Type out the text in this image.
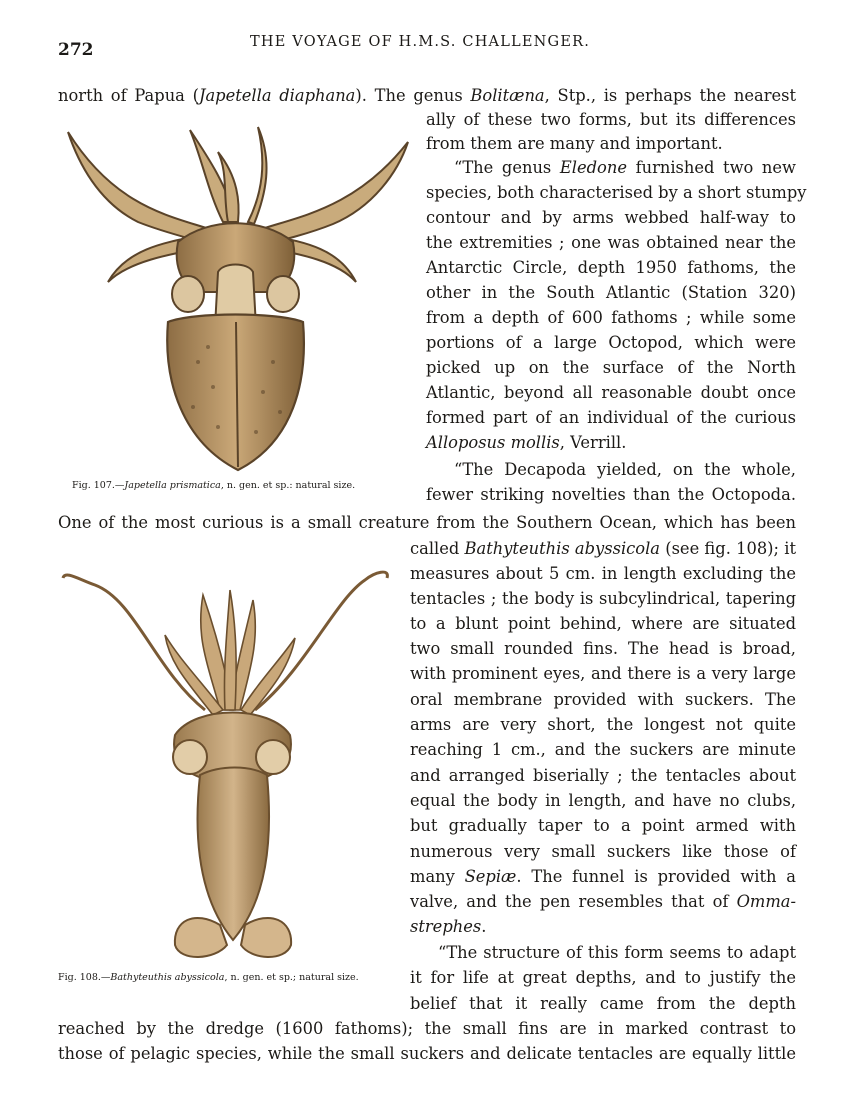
272	THE VOYAGE OF H.M.S. CHALLENGER.
Fig. 107.—Japetella prismatica, n. gen. et sp.: natural size.
Fig. 108.—Bathyteuthis abyssicola, n. gen. et sp.; natural size.
north of Papua (Japetella diaphana). The genus Bolitæna, Stp., is perhaps the nearest
ally of these two forms, but its differences
from them are many and important.
“The genus Eledone furnished two new
species, both characterised by a short stumpy
contour and by arms webbed half-way to
the extremities ; one was obtained near the
Antarctic Circle, depth 1950 fathoms, the
other in the South Atlantic (Station 320)
from a depth of 600 fathoms ; while some
portions of a large Octopod, which were
picked up on the surface of the North
Atlantic, beyond all reasonable doubt once
formed part of an individual of the curious
Alloposus mollis, Verrill.
“The Decapoda yielded, on the whole,
fewer striking novelties than the Octopoda.
One of the most curious is a small creature from the Southern Ocean, which has been
called Bathyteuthis abyssicola (see fig. 108); it
measures about 5 cm. in length excluding the
tentacles ; the body is subcylindrical, tapering
to a blunt point behind, where are situated
two small rounded fins. The head is broad,
with prominent eyes, and there is a very large
oral membrane provided with suckers. The
arms are very short, the longest not quite
reaching 1 cm., and the suckers are minute
and arranged biserially ; the tentacles about
equal the body in length, and have no clubs,
but gradually taper to a point armed with
numerous very small suckers like those of
many Sepiæ. The funnel is provided with a
valve, and the pen resembles that of Omma-
strephes.
“The structure of this form seems to adapt
it for life at great depths, and to justify the
belief that it really came from the depth
reached by the dredge (1600 fathoms); the small fins are in marked contrast to
those of pelagic species, while the small suckers and delicate tentacles are equally little
